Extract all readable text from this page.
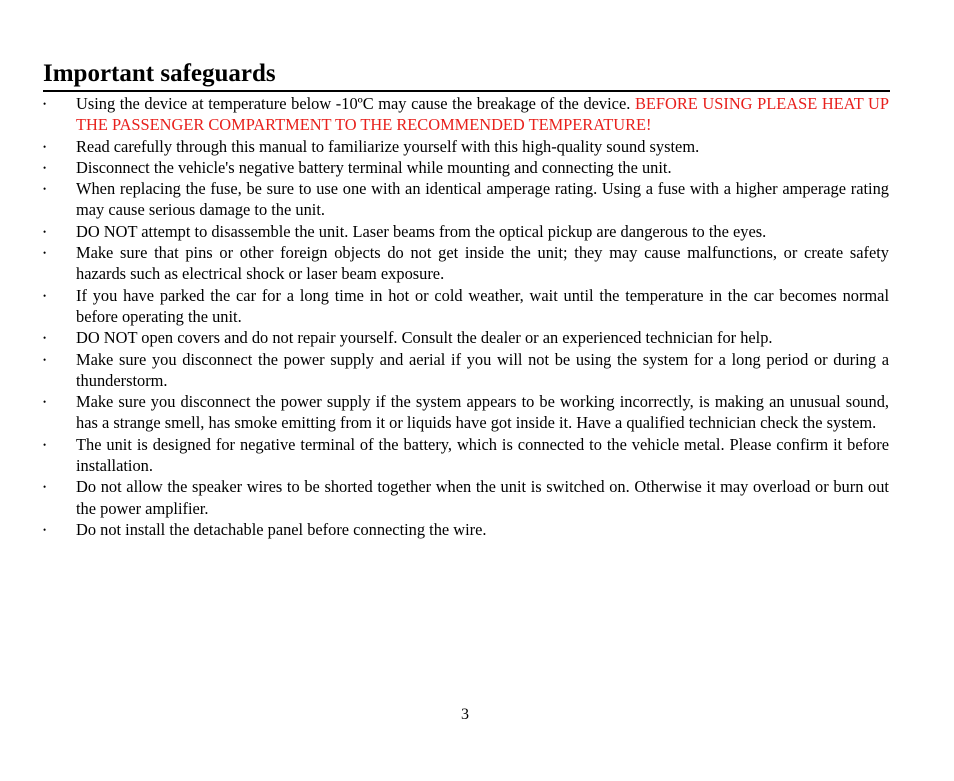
Important safeguards
•	Using the device at temperature below -10ºC may cause the breakage of the device. BEFORE USING PLEASE HEAT UP THE PASSENGER COMPARTMENT TO THE RECOMMENDED TEMPERATURE!
•	Read carefully through this manual to familiarize yourself with this high-quality sound system.
•	Disconnect the vehicle's negative battery terminal while mounting and connecting the unit.
•	When replacing the fuse, be sure to use one with an identical amperage rating. Using a fuse with a higher amperage rating may cause serious damage to the unit.
•	DO NOT attempt to disassemble the unit. Laser beams from the optical pickup are dangerous to the eyes.
•	Make sure that pins or other foreign objects do not get inside the unit; they may cause malfunctions, or create safety hazards such as electrical shock or laser beam exposure.
•	If you have parked the car for a long time in hot or cold weather, wait until the temperature in the car becomes normal before operating the unit.
•	DO NOT open covers and do not repair yourself. Consult the dealer or an experienced technician for help.
•	Make sure you disconnect the power supply and aerial if you will not be using the system for a long period or during a thunderstorm.
•	Make sure you disconnect the power supply if the system appears to be working incorrectly, is making an unusual sound, has a strange smell, has smoke emitting from it or liquids have got inside it. Have a qualified technician check the system.
•	The unit is designed for negative terminal of the battery, which is connected to the vehicle metal. Please confirm it before installation.
•	Do not allow the speaker wires to be shorted together when the unit is switched on. Otherwise it may overload or burn out the power amplifier.
•	Do not install the detachable panel before connecting the wire.
3
